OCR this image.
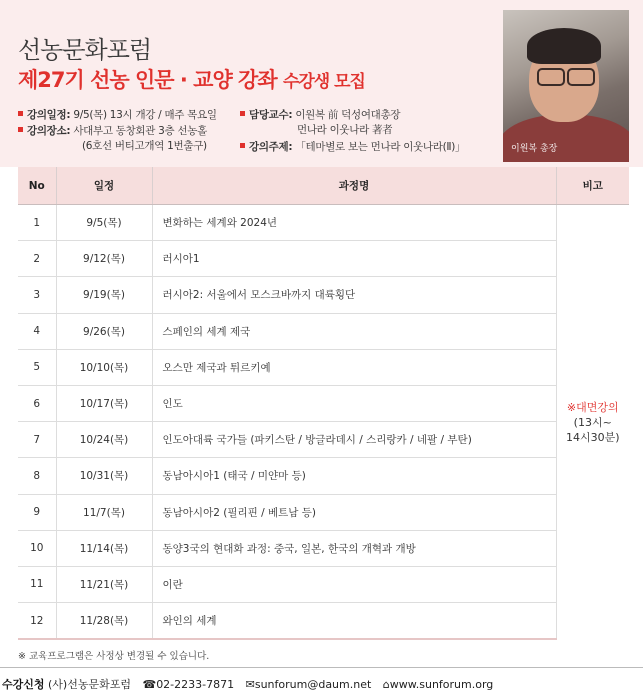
선농문화포럼
제27기 선농 인문 · 교양 강좌 수강생 모집
강의일정: 9/5(목) 13시 개강 / 매주 목요일
강의장소: 사대부고 동창회관 3층 선농홀
(6호선 버티고개역 1번출구)
담당교수: 이원복 前 덕성여대총장
먼나라 이웃나라 著者
강의주제: 「테마별로 보는 먼나라 이웃나라(Ⅱ)」	이원복 총장
No	일정	과정명	비고
1	9/5(목)	변화하는 세계와 2024년	※대면강의
(13시~
14시30분)
2	9/12(목)	러시아1	
3	9/19(목)	러시아2: 서울에서 모스크바까지 대륙횡단	
4	9/26(목)	스페인의 세계 제국	
5	10/10(목)	오스만 제국과 튀르키예	
6	10/17(목)	인도	
7	10/24(목)	인도아대륙 국가들 (파키스탄 / 방글라데시 / 스리랑카 / 네팔 / 부탄)	
8	10/31(목)	동남아시아1 (태국 / 미얀마 등)	
9	11/7(목)	동남아시아2 (필리핀 / 베트남 등)	
10	11/14(목)	동양3국의 현대화 과정: 중국, 일본, 한국의 개혁과 개방	
11	11/21(목)	이란	
12	11/28(목)	와인의 세계	
※ 교육프로그램은 사정상 변경될 수 있습니다.
수강신청 (사)선농문화포럼 ☎02-2233-7871 ✉sunforum@daum.net ⌂www.sunforum.org
